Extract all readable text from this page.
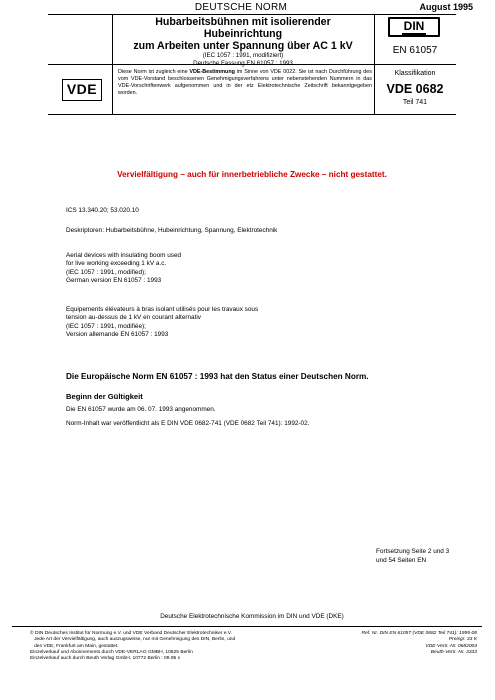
DEUTSCHE NORM	August 1995
Hubarbeitsbühnen mit isolierender Hubeinrichtung
zum Arbeiten unter Spannung über AC 1 kV
(IEC 1057 : 1991, modifiziert)
Deutsche Fassung EN 61057 : 1993
DIN
EN 61057
VDE
Diese Norm ist zugleich eine VDE-Bestimmung im Sinne von VDE 0022. Sie ist nach Durchführung des vom VDE-Vorstand beschlossenen Genehmigungsverfahrens unter nebenstehenden Nummern in das VDE-Vorschriftenwerk aufgenommen und in der etz Elektrotechnische Zeitschrift bekanntgegeben worden.
Klassifikation
VDE 0682
Teil 741
Vervielfältigung – auch für innerbetriebliche Zwecke – nicht gestattet.
ICS 13.340.20; 53.020.10
Deskriptoren: Hubarbeitsbühne, Hubeinrichtung, Spannung, Elektrotechnik
Aerial devices with insulating boom used
for live working exceeding 1 kV a.c.
(IEC 1057 : 1991, modified);
German version EN 61057 : 1993
Equipements élévateurs à bras isolant utilisés pour les travaux sous
tension au-dessus de 1 kV en courant alternativ
(IEC 1057 : 1991, modifiée);
Version allemande EN 61057 : 1993
Die Europäische Norm EN 61057 : 1993 hat den Status einer Deutschen Norm.
Beginn der Gültigkeit
Die EN 61057 wurde am 06. 07. 1993 angenommen.
Norm-Inhalt war veröffentlicht als E DIN VDE 0682-741 (VDE 0682 Teil 741): 1992-02.
Fortsetzung Seite 2 und 3
und 54 Seiten EN
Deutsche Elektrotechnische Kommission im DIN und VDE (DKE)
© DIN Deutsches Institut für Normung e.V. und VDE Verband Deutscher Elektrotechniker e.V.
Jede Art der Vervielfältigung, auch auszugsweise, nur mit Genehmigung des DIN, Berlin, und
des VDE, Frankfurt am Main, gestattet.
Einzelverkauf und Abonnements durch VDE-VERLAG GMBH, 10625 Berlin
Einzelverkauf auch durch Beuth Verlag GmbH, 10772 Berlin : 08.95 s
Ref. Nr. DIN EN 61057 (VDE 0682 Teil 741): 1995-08
Preisgr. 33 K
VDE-Vertr.-Nr. 0682004
Beuth-Vertr.-Nr. 3333
